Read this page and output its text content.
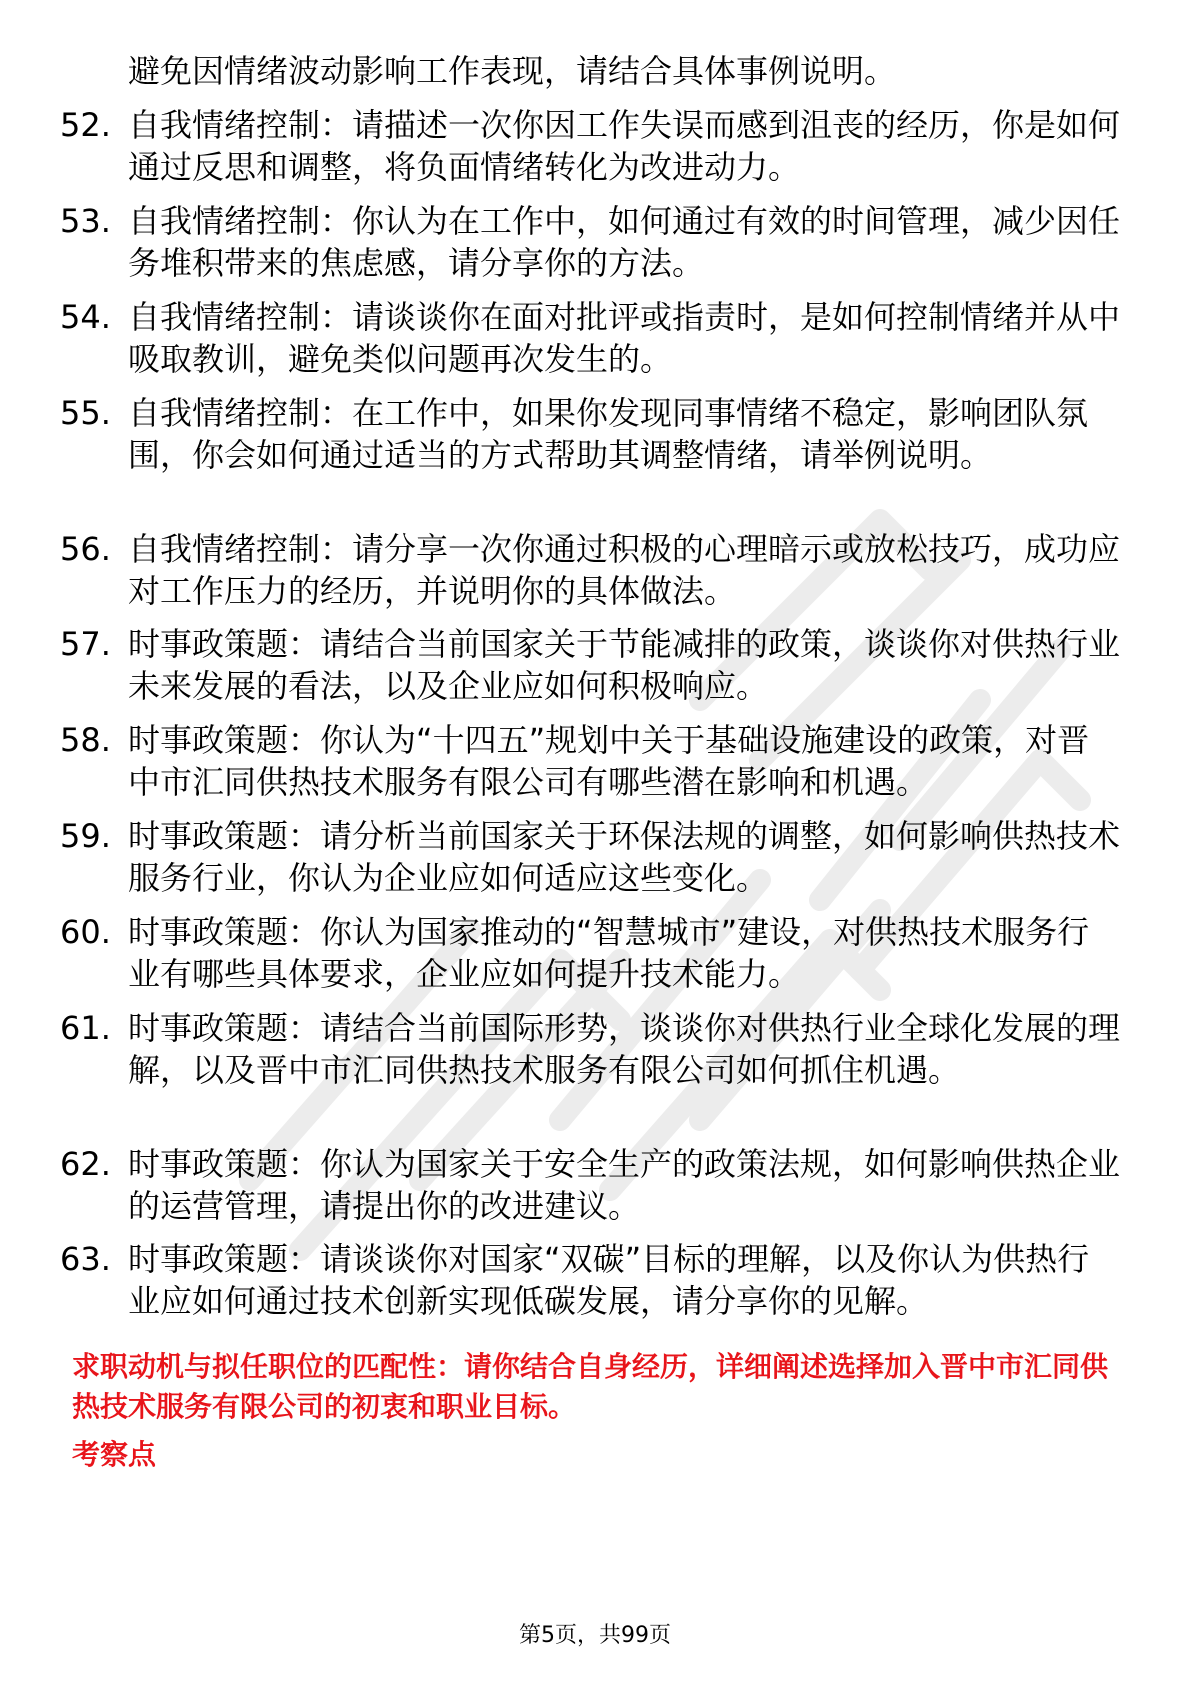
避免因情绪波动影响工作表现，请结合具体事例说明。
52. 自我情绪控制：请描述一次你因工作失误而感到沮丧的经历，你是如何通过反思和调整，将负面情绪转化为改进动力。
53. 自我情绪控制：你认为在工作中，如何通过有效的时间管理，减少因任务堆积带来的焦虑感，请分享你的方法。
54. 自我情绪控制：请谈谈你在面对批评或指责时，是如何控制情绪并从中吸取教训，避免类似问题再次发生的。
55. 自我情绪控制：在工作中，如果你发现同事情绪不稳定，影响团队氛围，你会如何通过适当的方式帮助其调整情绪，请举例说明。
56. 自我情绪控制：请分享一次你通过积极的心理暗示或放松技巧，成功应对工作压力的经历，并说明你的具体做法。
57. 时事政策题：请结合当前国家关于节能减排的政策，谈谈你对供热行业未来发展的看法，以及企业应如何积极响应。
58. 时事政策题：你认为“十四五”规划中关于基础设施建设的政策，对晋中市汇同供热技术服务有限公司有哪些潜在影响和机遇。
59. 时事政策题：请分析当前国家关于环保法规的调整，如何影响供热技术服务行业，你认为企业应如何适应这些变化。
60. 时事政策题：你认为国家推动的“智慧城市”建设，对供热技术服务行业有哪些具体要求，企业应如何提升技术能力。
61. 时事政策题：请结合当前国际形势，谈谈你对供热行业全球化发展的理解，以及晋中市汇同供热技术服务有限公司如何抓住机遇。
62. 时事政策题：你认为国家关于安全生产的政策法规，如何影响供热企业的运营管理，请提出你的改进建议。
63. 时事政策题：请谈谈你对国家“双碳”目标的理解，以及你认为供热行业应如何通过技术创新实现低碳发展，请分享你的见解。
求职动机与拟任职位的匹配性：请你结合自身经历，详细阐述选择加入晋中市汇同供热技术服务有限公司的初衷和职业目标。
考察点
第5页，共99页
